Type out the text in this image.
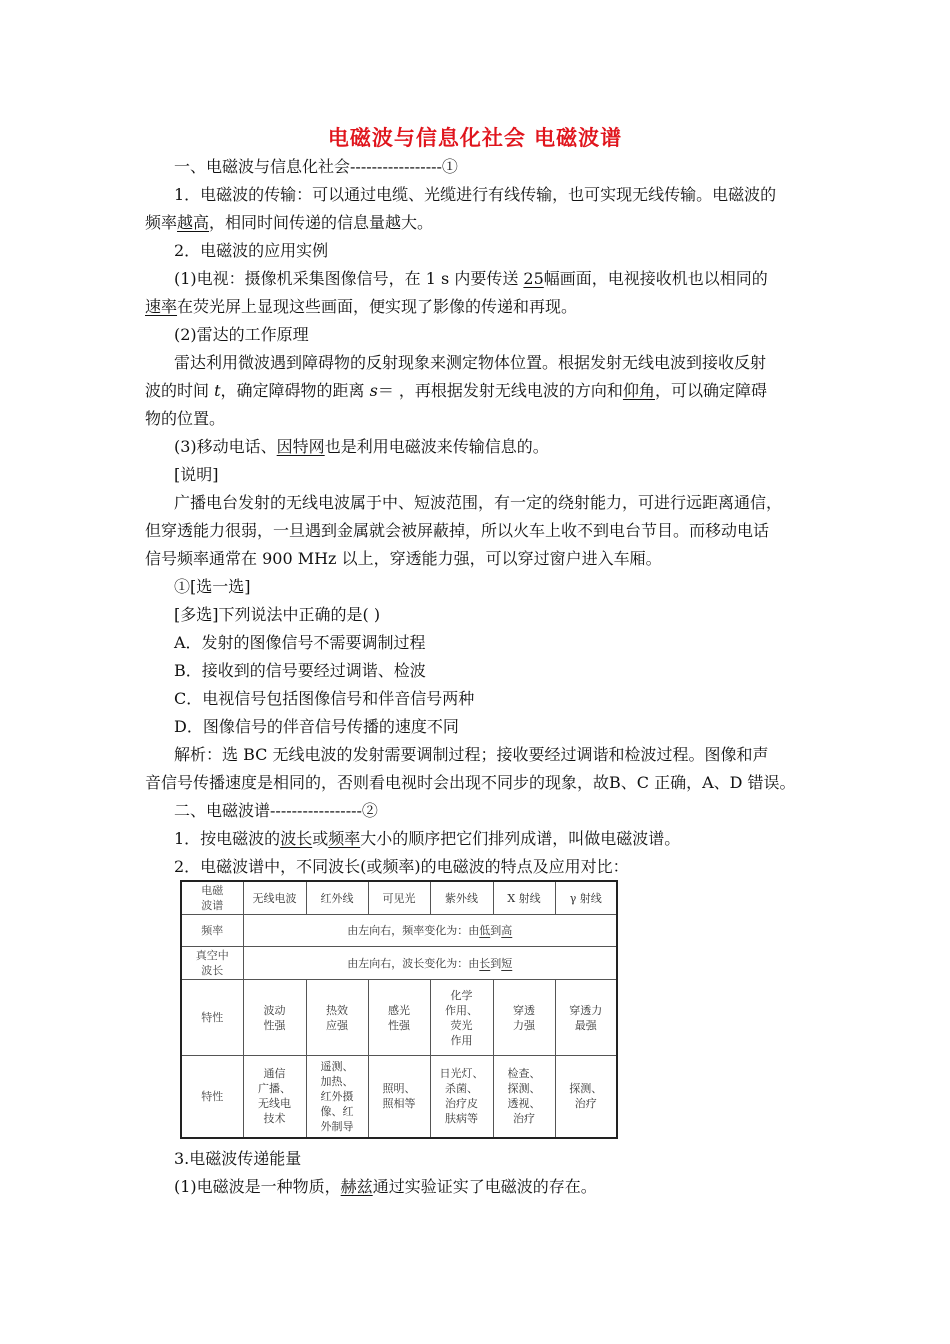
电磁波与信息化社会 电磁波谱
一、电磁波与信息化社会-----------------①
1．电磁波的传输：可以通过电缆、光缆进行有线传输，也可实现无线传输。电磁波的
频率越高，相同时间传递的信息量越大。
2．电磁波的应用实例
(1)电视：摄像机采集图像信号，在 1 s 内要传送 25幅画面，电视接收机也以相同的
速率在荧光屏上显现这些画面，便实现了影像的传递和再现。
(2)雷达的工作原理
雷达利用微波遇到障碍物的反射现象来测定物体位置。根据发射无线电波到接收反射
波的时间 t，确定障碍物的距离 s＝ ，再根据发射无线电波的方向和仰角，可以确定障碍
物的位置。
(3)移动电话、因特网也是利用电磁波来传输信息的。
[说明]
广播电台发射的无线电波属于中、短波范围，有一定的绕射能力，可进行远距离通信，
但穿透能力很弱，一旦遇到金属就会被屏蔽掉，所以火车上收不到电台节目。而移动电话
信号频率通常在 900 MHz 以上，穿透能力强，可以穿过窗户进入车厢。
①[选一选]
[多选]下列说法中正确的是( )
A．发射的图像信号不需要调制过程
B．接收到的信号要经过调谐、检波
C．电视信号包括图像信号和伴音信号两种
D．图像信号的伴音信号传播的速度不同
解析：选 BC 无线电波的发射需要调制过程；接收要经过调谐和检波过程。图像和声
音信号传播速度是相同的，否则看电视时会出现不同步的现象，故B、C 正确，A、D 错误。
二、电磁波谱-----------------②
1．按电磁波的波长或频率大小的顺序把它们排列成谱，叫做电磁波谱。
2．电磁波谱中，不同波长(或频率)的电磁波的特点及应用对比：
电磁
波谱	无线电波	红外线	可见光	紫外线	X 射线	γ 射线
频率	由左向右，频率变化为：由低到高					
真空中
波长	由左向右，波长变化为：由长到短					
特性	波动
性强	热效
应强	感光
性强	化学
作用、
荧光
作用	穿透
力强	穿透力
最强
特性	通信
广播、
无线电
技术	遥测、
加热、
红外摄
像、红
外制导	照明、
照相等	日光灯、
杀菌、
治疗皮
肤病等	检查、
探测、
透视、
治疗	探测、
治疗
3.电磁波传递能量
(1)电磁波是一种物质，赫兹通过实验证实了电磁波的存在。
